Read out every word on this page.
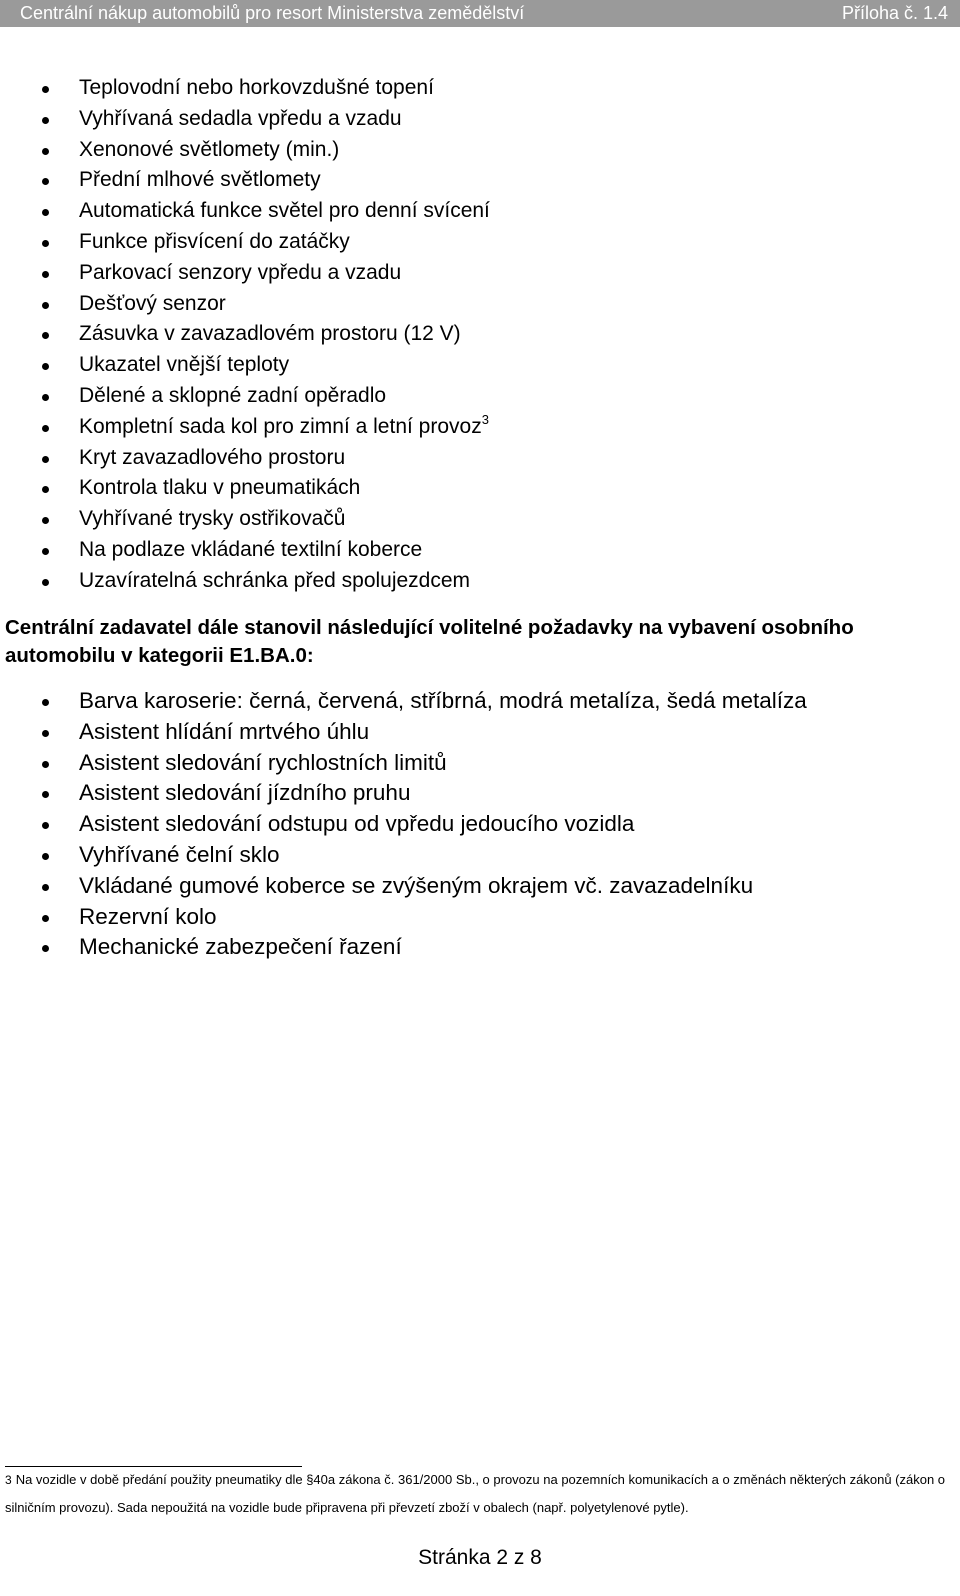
Centrální nákup automobilů pro resort Ministerstva zemědělství	Příloha č. 1.4
Teplovodní nebo horkovzdušné topení
Vyhřívaná sedadla vpředu a vzadu
Xenonové světlomety (min.)
Přední mlhové světlomety
Automatická funkce světel pro denní svícení
Funkce přisvícení do zatáčky
Parkovací senzory vpředu a vzadu
Dešťový senzor
Zásuvka v zavazadlovém prostoru (12 V)
Ukazatel vnější teploty
Dělené a sklopné zadní opěradlo
Kompletní sada kol pro zimní a letní provoz$^3$
Kryt zavazadlového prostoru
Kontrola tlaku v pneumatikách
Vyhřívané trysky ostřikovačů
Na podlaze vkládané textilní koberce
Uzavíratelná schránka před spolujezdcem
Centrální zadavatel dále stanovil následující volitelné požadavky na vybavení osobního automobilu v kategorii E1.BA.0:
Barva karoserie: černá, červená, stříbrná, modrá metalíza, šedá metalíza
Asistent hlídání mrtvého úhlu
Asistent sledování rychlostních limitů
Asistent sledování jízdního pruhu
Asistent sledování odstupu od vpředu jedoucího vozidla
Vyhřívané čelní sklo
Vkládané gumové koberce se zvýšeným okrajem vč. zavazadelníku
Rezervní kolo
Mechanické zabezpečení řazení
3 Na vozidle v době předání použity pneumatiky dle §40a zákona č. 361/2000 Sb., o provozu na pozemních komunikacích a o změnách některých zákonů (zákon o silničním provozu). Sada nepoužitá na vozidle bude připravena při převzetí zboží v obalech (např. polyetylenové pytle).
Stránka 2 z 8
